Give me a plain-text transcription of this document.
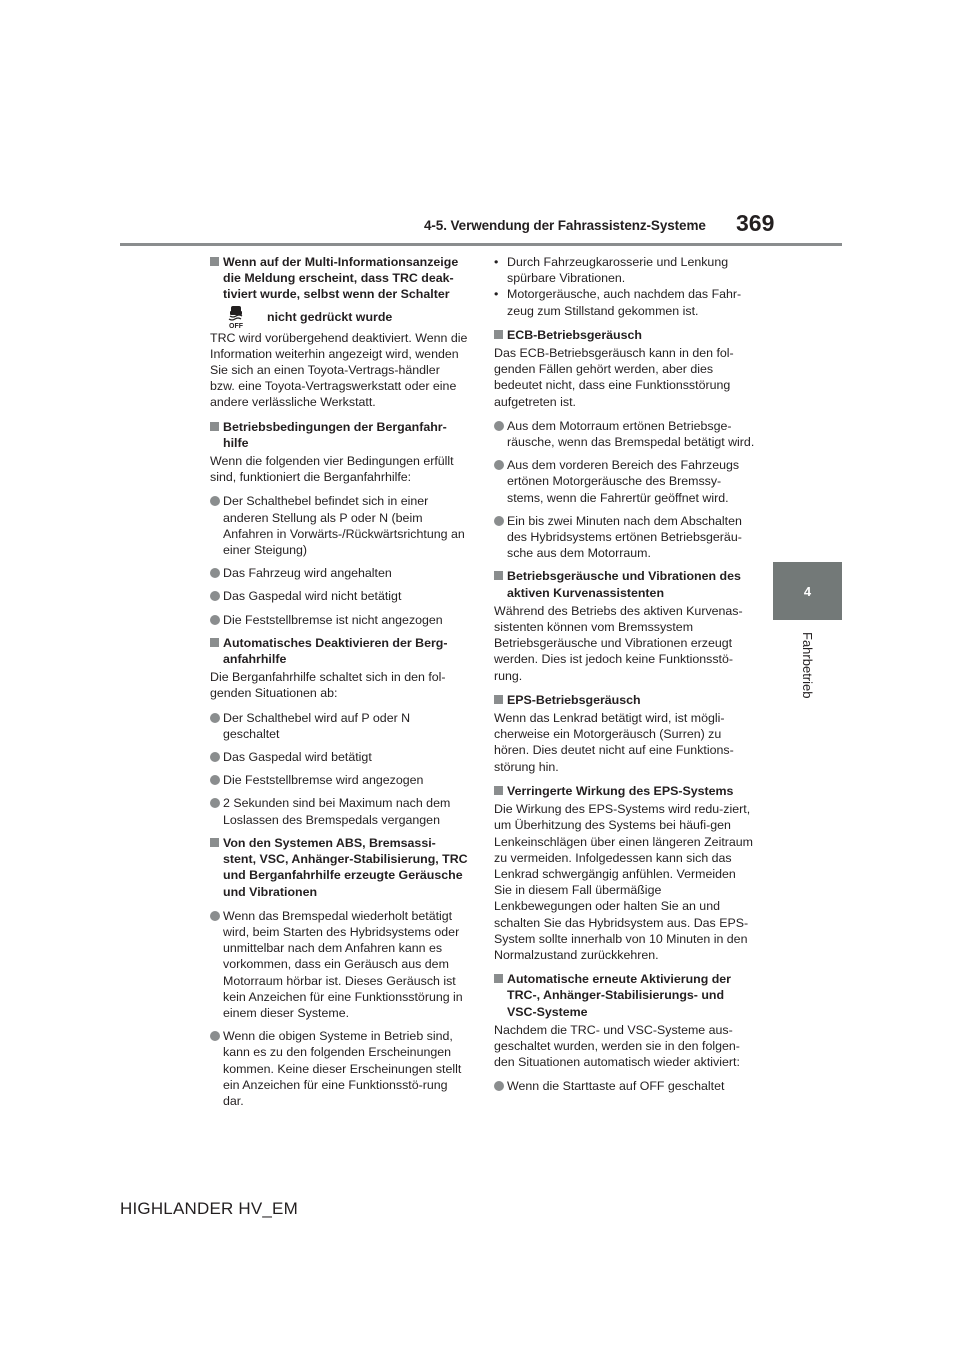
4-5. Verwendung der Fahrassistenz-Systeme 369
4
Fahrbetrieb
Wenn auf der Multi-Informationsanzeige die Meldung erscheint, dass TRC deak-tiviert wurde, selbst wenn der Schalter
OFF
nicht gedrückt wurde
TRC wird vorübergehend deaktiviert. Wenn die Information weiterhin angezeigt wird, wenden Sie sich an einen Toyota-Vertrags-händler bzw. eine Toyota-Vertragswerkstatt oder eine andere verlässliche Werkstatt.
Betriebsbedingungen der Berganfahr-hilfe
Wenn die folgenden vier Bedingungen erfüllt sind, funktioniert die Berganfahrhilfe:
Der Schalthebel befindet sich in einer anderen Stellung als P oder N (beim Anfahren in Vorwärts-/Rückwärtsrichtung an einer Steigung)
Das Fahrzeug wird angehalten
Das Gaspedal wird nicht betätigt
Die Feststellbremse ist nicht angezogen
Automatisches Deaktivieren der Berg-anfahrhilfe
Die Berganfahrhilfe schaltet sich in den fol-genden Situationen ab:
Der Schalthebel wird auf P oder N geschaltet
Das Gaspedal wird betätigt
Die Feststellbremse wird angezogen
2 Sekunden sind bei Maximum nach dem Loslassen des Bremspedals vergangen
Von den Systemen ABS, Bremsassi-stent, VSC, Anhänger-Stabilisierung, TRC und Berganfahrhilfe erzeugte Geräusche und Vibrationen
Wenn das Bremspedal wiederholt betätigt wird, beim Starten des Hybridsystems oder unmittelbar nach dem Anfahren kann es vorkommen, dass ein Geräusch aus dem Motorraum hörbar ist. Dieses Geräusch ist kein Anzeichen für eine Funktionsstörung in einem dieser Systeme.
Wenn die obigen Systeme in Betrieb sind, kann es zu den folgenden Erscheinungen kommen. Keine dieser Erscheinungen stellt ein Anzeichen für eine Funktionsstö-rung dar.
• Durch Fahrzeugkarosserie und Lenkung spürbare Vibrationen.
• Motorgeräusche, auch nachdem das Fahr-zeug zum Stillstand gekommen ist.
ECB-Betriebsgeräusch
Das ECB-Betriebsgeräusch kann in den fol-genden Fällen gehört werden, aber dies bedeutet nicht, dass eine Funktionsstörung aufgetreten ist.
Aus dem Motorraum ertönen Betriebsge-räusche, wenn das Bremspedal betätigt wird.
Aus dem vorderen Bereich des Fahrzeugs ertönen Motorgeräusche des Bremssy-stems, wenn die Fahrertür geöffnet wird.
Ein bis zwei Minuten nach dem Abschalten des Hybridsystems ertönen Betriebsgeräu-sche aus dem Motorraum.
Betriebsgeräusche und Vibrationen des aktiven Kurvenassistenten
Während des Betriebs des aktiven Kurvenas-sistenten können vom Bremssystem Betriebsgeräusche und Vibrationen erzeugt werden. Dies ist jedoch keine Funktionsstö-rung.
EPS-Betriebsgeräusch
Wenn das Lenkrad betätigt wird, ist mögli-cherweise ein Motorgeräusch (Surren) zu hören. Dies deutet nicht auf eine Funktions-störung hin.
Verringerte Wirkung des EPS-Systems
Die Wirkung des EPS-Systems wird redu-ziert, um Überhitzung des Systems bei häufi-gen Lenkeinschlägen über einen längeren Zeitraum zu vermeiden. Infolgedessen kann sich das Lenkrad schwergängig anfühlen. Vermeiden Sie in diesem Fall übermäßige Lenkbewegungen oder halten Sie an und schalten Sie das Hybridsystem aus. Das EPS-System sollte innerhalb von 10 Minuten in den Normalzustand zurückkehren.
Automatische erneute Aktivierung der TRC-, Anhänger-Stabilisierungs- und VSC-Systeme
Nachdem die TRC- und VSC-Systeme aus-geschaltet wurden, werden sie in den folgen-den Situationen automatisch wieder aktiviert:
Wenn die Starttaste auf OFF geschaltet
HIGHLANDER HV_EM
